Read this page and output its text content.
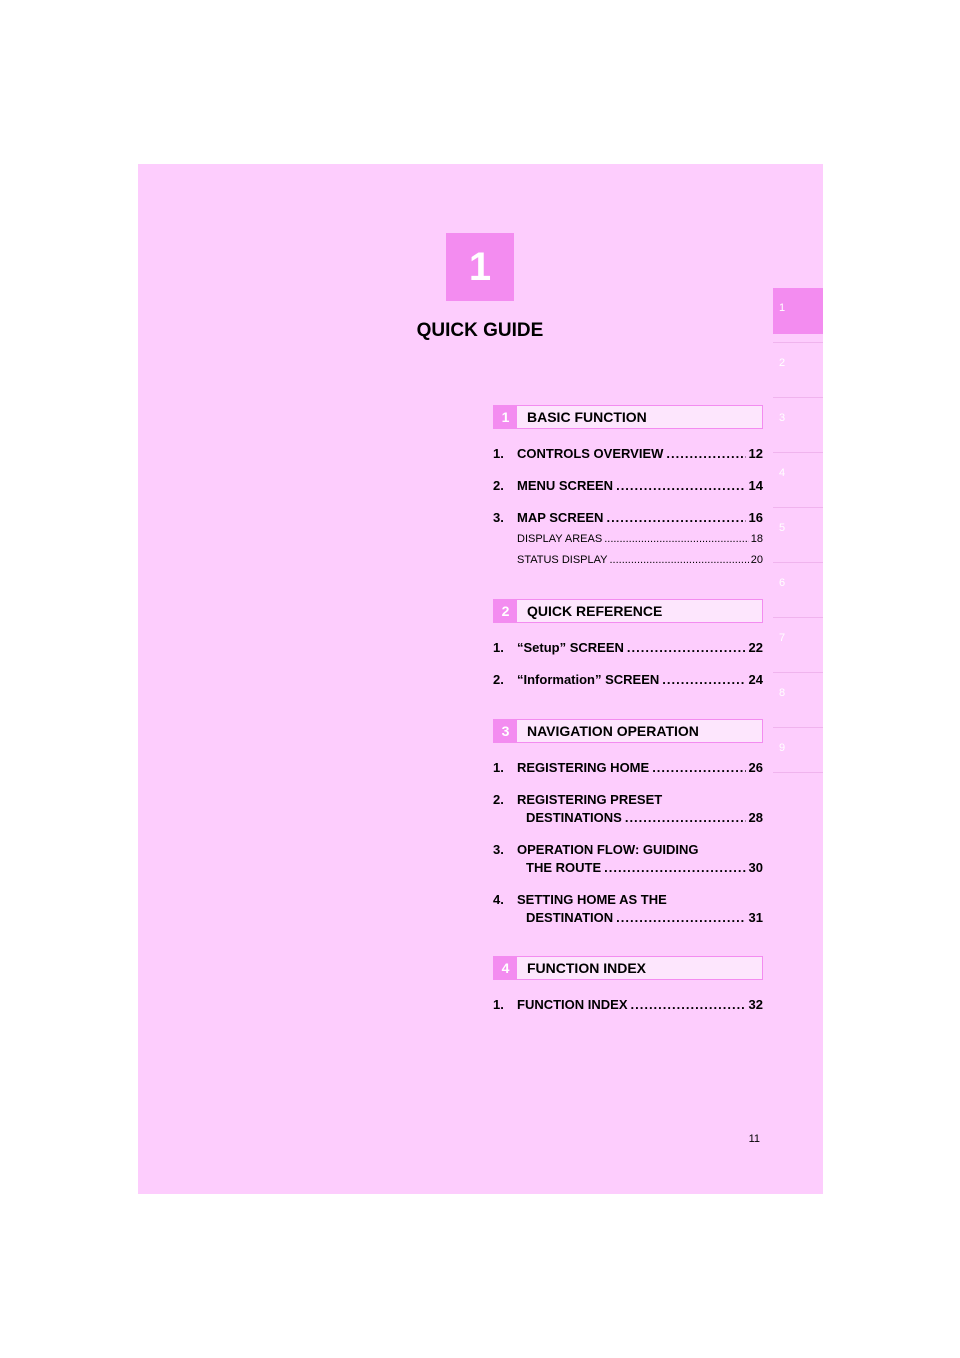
1
QUICK GUIDE
1
2
3
4
5
6
7
8
9
1	BASIC FUNCTION
1.	CONTROLS OVERVIEW .....	12
2.	MENU SCREEN .....	14
3.	MAP SCREEN .....	16
DISPLAY AREAS .....	18
STATUS DISPLAY .....	20
2	QUICK REFERENCE
1.	“Setup” SCREEN .....	22
2.	“Information” SCREEN .....	24
3	NAVIGATION OPERATION
1.	REGISTERING HOME .....	26
2. REGISTERING PRESET
DESTINATIONS .....	28
3. OPERATION FLOW: GUIDING
THE ROUTE .....	30
4. SETTING HOME AS THE
DESTINATION .....	31
4	FUNCTION INDEX
1.	FUNCTION INDEX .....	32
11
